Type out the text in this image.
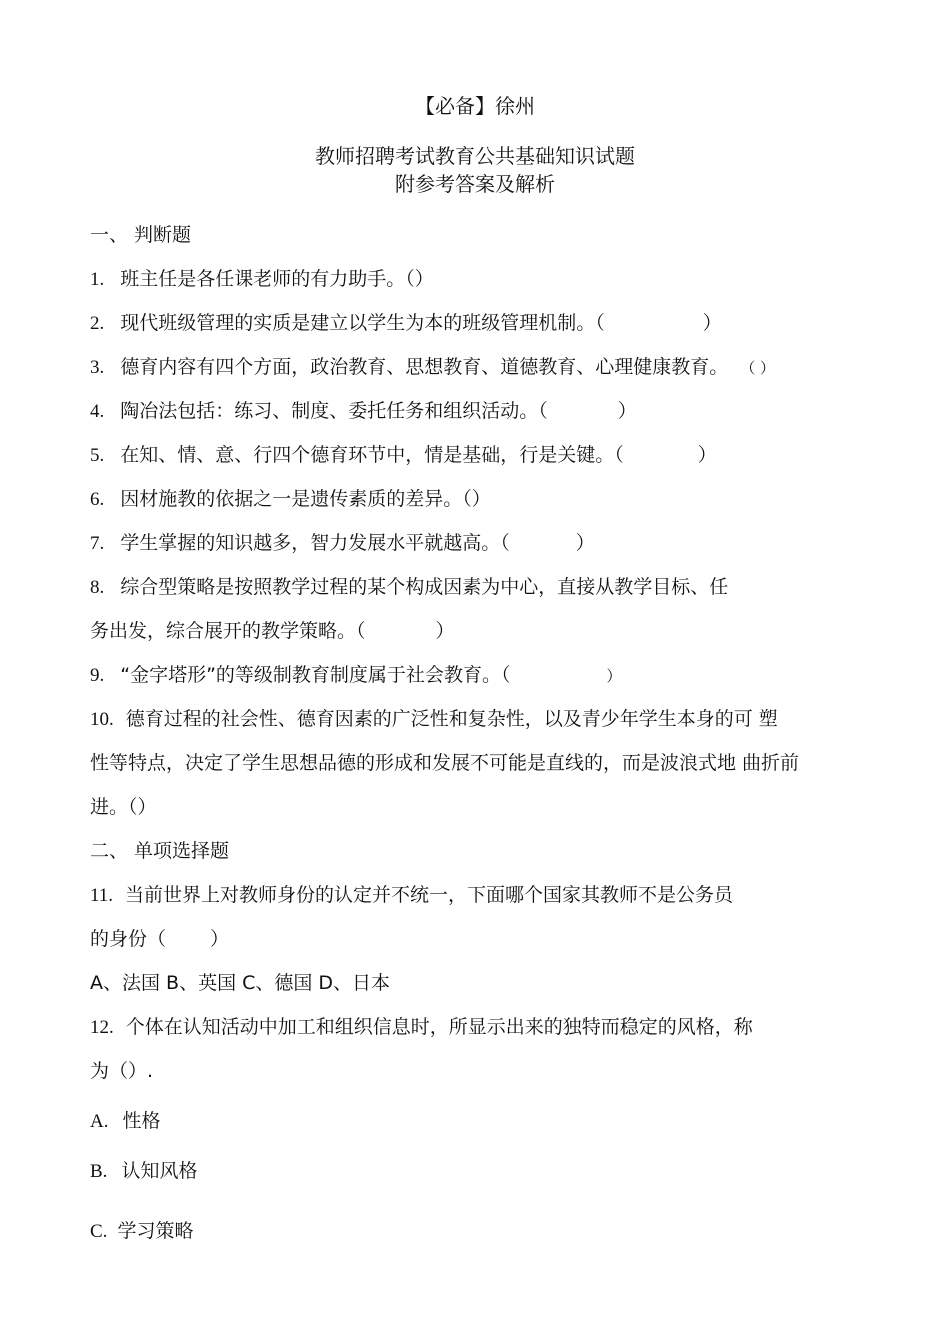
【必备】徐州
教师招聘考试教育公共基础知识试题
附参考答案及解析
一、 判断题
1. 班主任是各任课老师的有力助手。（）
2. 现代班级管理的实质是建立以学生为本的班级管理机制。（	）
3. 德育内容有四个方面，政治教育、思想教育、道德教育、心理健康教育。 （ ）
4. 陶冶法包括：练习、制度、委托任务和组织活动。（	）
5. 在知、情、意、行四个德育环节中，情是基础，行是关键。（	）
6. 因材施教的依据之一是遗传素质的差异。（）
7. 学生掌握的知识越多，智力发展水平就越高。（	）
8. 综合型策略是按照教学过程的某个构成因素为中心，直接从教学目标、任
务出发，综合展开的教学策略。（	）
9. “金字塔形”的等级制教育制度属于社会教育。（	）
10. 德育过程的社会性、德育因素的广泛性和复杂性，以及青少年学生本身的可 塑
性等特点，决定了学生思想品德的形成和发展不可能是直线的，而是波浪式地 曲折前
进。（）
二、 单项选择题
11. 当前世界上对教师身份的认定并不统一，下面哪个国家其教师不是公务员
的身份（ ）
A、法国 B、英国 C、德国 D、日本
12. 个体在认知活动中加工和组织信息时，所显示出来的独特而稳定的风格，称
为（）.
A. 性格
B. 认知风格
C. 学习策略
